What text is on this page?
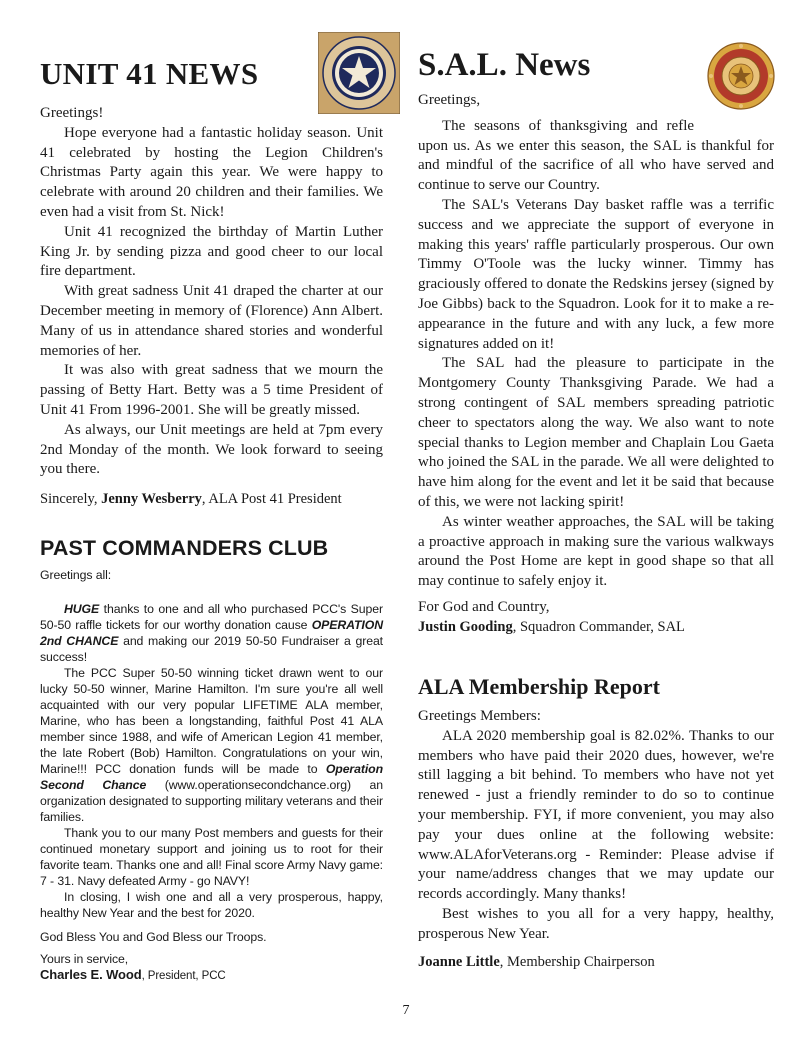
UNIT 41 NEWS

Greetings!

Hope everyone had a fantastic holiday season. Unit 41 celebrated by hosting the Legion Children's Christmas Party again this year. We were happy to celebrate with around 20 children and their families. We even had a visit from St. Nick!

Unit 41 recognized the birthday of Martin Luther King Jr. by sending pizza and good cheer to our local fire department.

With great sadness Unit 41 draped the charter at our December meeting in memory of (Florence) Ann Albert. Many of us in attendance shared stories and wonderful memories of her.

It was also with great sadness that we mourn the passing of Betty Hart. Betty was a 5 time President of Unit 41 From 1996-2001. She will be greatly missed.

As always, our Unit meetings are held at 7pm every 2nd Monday of the month. We look forward to seeing you there.

Sincerely, Jenny Wesberry, ALA Post 41 President

PAST COMMANDERS CLUB

Greetings all:

HUGE thanks to one and all who purchased PCC's Super 50-50 raffle tickets for our worthy donation cause OPERATION 2nd CHANCE and making our 2019 50-50 Fundraiser a great success!

The PCC Super 50-50 winning ticket drawn went to our lucky 50-50 winner, Marine Hamilton. I'm sure you're all well acquainted with our very popular LIFETIME ALA member, Marine, who has been a longstanding, faithful Post 41 ALA member since 1988, and wife of American Legion 41 member, the late Robert (Bob) Hamilton. Congratulations on your win, Marine!!! PCC donation funds will be made to Operation Second Chance (www.operationsecondchance.org) an organization designated to supporting military veterans and their families.

Thank you to our many Post members and guests for their continued monetary support and joining us to root for their favorite team. Thanks one and all! Final score Army Navy game: 7 - 31. Navy defeated Army - go NAVY!

In closing, I wish one and all a very prosperous, happy, healthy New Year and the best for 2020.

God Bless You and God Bless our Troops.

Yours in service,

Charles E. Wood, President, PCC

S.A.L. News

Greetings,

The seasons of thanksgiving and refle

upon us. As we enter this season, the SAL is thankful for and mindful of the sacrifice of all who have served and continue to serve our Country.

The SAL's Veterans Day basket raffle was a terrific success and we appreciate the support of everyone in making this years' raffle particularly prosperous. Our own Timmy O'Toole was the lucky winner. Timmy has graciously offered to donate the Redskins jersey (signed by Joe Gibbs) back to the Squadron. Look for it to make a re-appearance in the future and with any luck, a few more signatures added on it!

The SAL had the pleasure to participate in the Montgomery County Thanksgiving Parade. We had a strong contingent of SAL members spreading patriotic cheer to spectators along the way. We also want to note special thanks to Legion member and Chaplain Lou Gaeta who joined the SAL in the parade. We all were delighted to have him along for the event and let it be said that because of this, we were not lacking spirit!

As winter weather approaches, the SAL will be taking a proactive approach in making sure the various walkways around the Post Home are kept in good shape so that all may continue to safely enjoy it.

For God and Country,

Justin Gooding, Squadron Commander, SAL

ALA Membership Report

Greetings Members:

ALA 2020 membership goal is 82.02%. Thanks to our members who have paid their 2020 dues, however, we're still lagging a bit behind. To members who have not yet renewed - just a friendly reminder to do so to continue your membership. FYI, if more convenient, you may also pay your dues online at the following website: www.ALAforVeterans.org - Reminder: Please advise if your name/address changes that we may update our records accordingly. Many thanks!

Best wishes to you all for a very happy, healthy, prosperous New Year.

Joanne Little, Membership Chairperson

7
